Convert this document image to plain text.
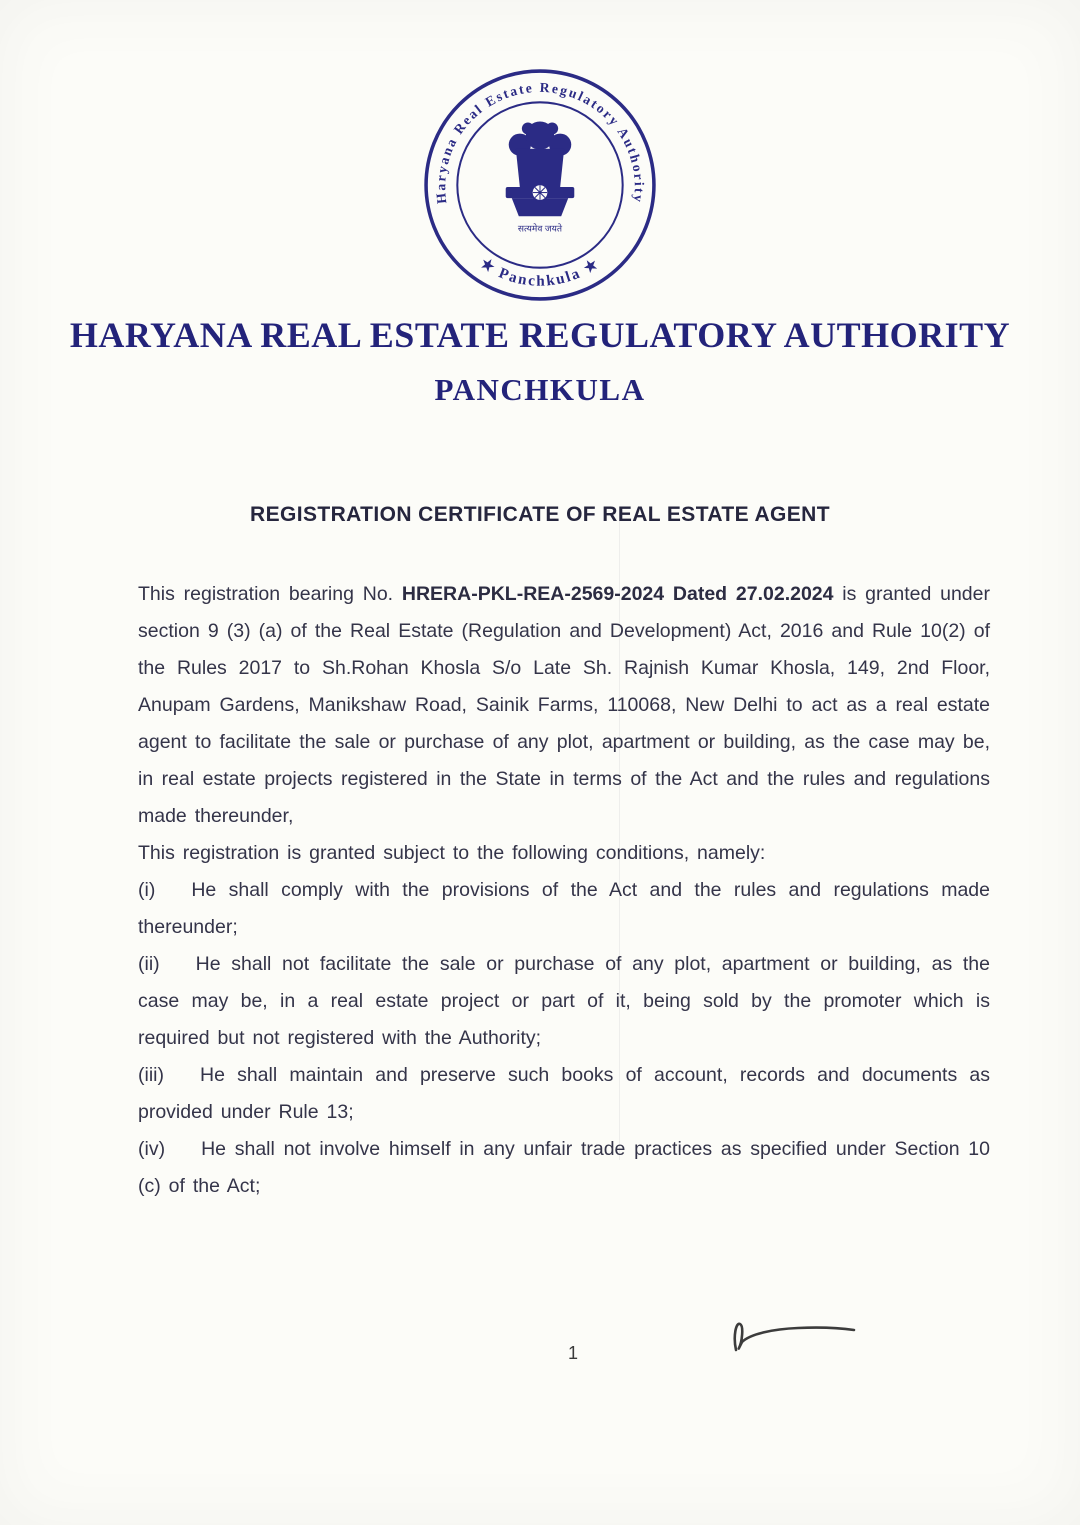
Haryana Real Estate Regulatory Authority
★ Panchkula ★
सत्यमेव जयते
HARYANA REAL ESTATE REGULATORY AUTHORITY
PANCHKULA
REGISTRATION CERTIFICATE OF REAL ESTATE AGENT

This registration bearing No. HRERA-PKL-REA-2569-2024 Dated 27.02.2024 is granted under section 9 (3) (a) of the Real Estate (Regulation and Development) Act, 2016 and Rule 10(2) of the Rules 2017 to Sh.Rohan Khosla S/o Late Sh. Rajnish Kumar Khosla, 149, 2nd Floor, Anupam Gardens, Manikshaw Road, Sainik Farms, 110068, New Delhi to act as a real estate agent to facilitate the sale or purchase of any plot, apartment or building, as the case may be, in real estate projects registered in the State in terms of the Act and the rules and regulations made thereunder,

This registration is granted subject to the following conditions, namely:

(i) He shall comply with the provisions of the Act and the rules and regulations made thereunder;

(ii) He shall not facilitate the sale or purchase of any plot, apartment or building, as the case may be, in a real estate project or part of it, being sold by the promoter which is required but not registered with the Authority;

(iii) He shall maintain and preserve such books of account, records and documents as provided under Rule 13;

(iv) He shall not involve himself in any unfair trade practices as specified under Section 10 (c) of the Act;

1
